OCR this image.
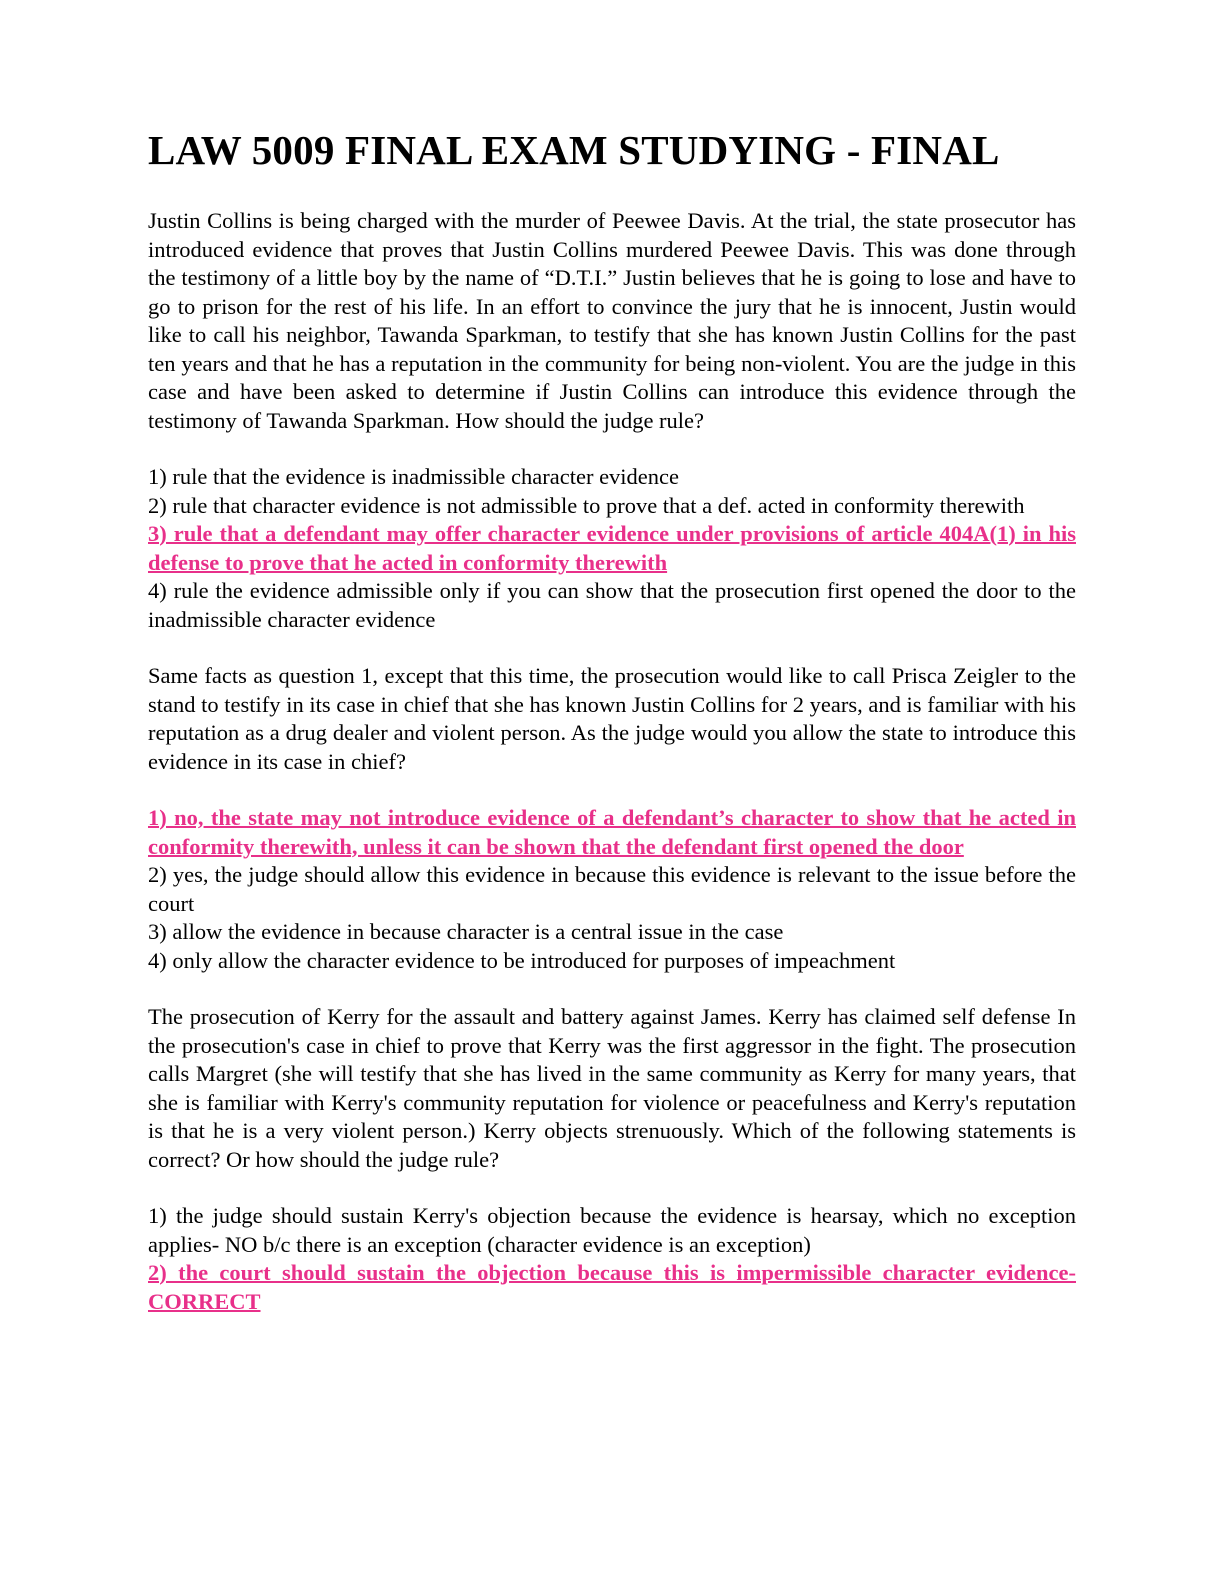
LAW 5009 FINAL EXAM STUDYING - FINAL

Justin Collins is being charged with the murder of Peewee Davis. At the trial, the state prosecutor has introduced evidence that proves that Justin Collins murdered Peewee Davis. This was done through the testimony of a little boy by the name of “D.T.I.” Justin believes that he is going to lose and have to go to prison for the rest of his life. In an effort to convince the jury that he is innocent, Justin would like to call his neighbor, Tawanda Sparkman, to testify that she has known Justin Collins for the past ten years and that he has a reputation in the community for being non-violent. You are the judge in this case and have been asked to determine if Justin Collins can introduce this evidence through the testimony of Tawanda Sparkman. How should the judge rule?

1) rule that the evidence is inadmissible character evidence

2) rule that character evidence is not admissible to prove that a def. acted in conformity therewith

3) rule that a defendant may offer character evidence under provisions of article 404A(1) in his defense to prove that he acted in conformity therewith

4) rule the evidence admissible only if you can show that the prosecution first opened the door to the inadmissible character evidence

Same facts as question 1, except that this time, the prosecution would like to call Prisca Zeigler to the stand to testify in its case in chief that she has known Justin Collins for 2 years, and is familiar with his reputation as a drug dealer and violent person. As the judge would you allow the state to introduce this evidence in its case in chief?

1) no, the state may not introduce evidence of a defendant’s character to show that he acted in conformity therewith, unless it can be shown that the defendant first opened the door

2) yes, the judge should allow this evidence in because this evidence is relevant to the issue before the court

3) allow the evidence in because character is a central issue in the case

4) only allow the character evidence to be introduced for purposes of impeachment

The prosecution of Kerry for the assault and battery against James. Kerry has claimed self defense In the prosecution's case in chief to prove that Kerry was the first aggressor in the fight. The prosecution calls Margret (she will testify that she has lived in the same community as Kerry for many years, that she is familiar with Kerry's community reputation for violence or peacefulness and Kerry's reputation is that he is a very violent person.) Kerry objects strenuously. Which of the following statements is correct? Or how should the judge rule?

1) the judge should sustain Kerry's objection because the evidence is hearsay, which no exception applies- NO b/c there is an exception (character evidence is an exception)

2) the court should sustain the objection because this is impermissible character evidence- CORRECT
